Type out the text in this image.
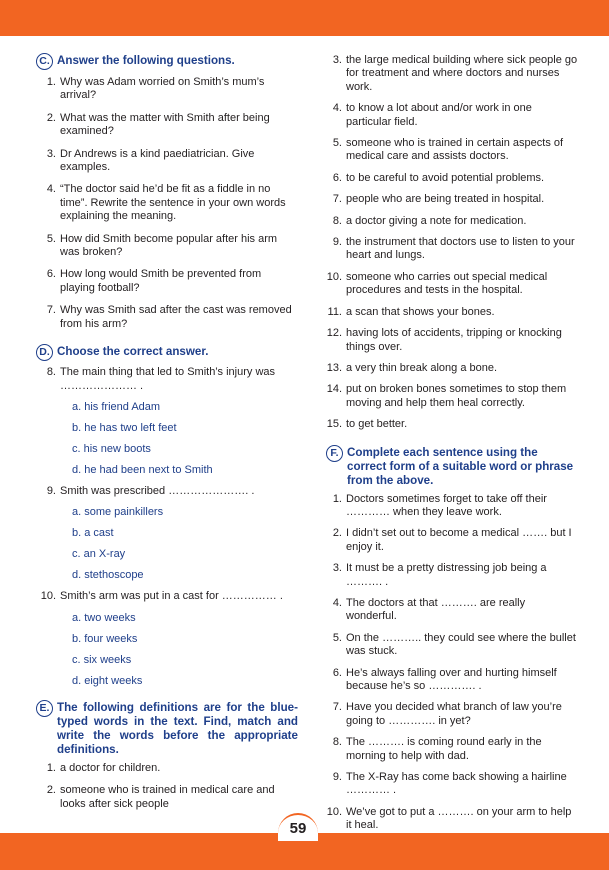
C. Answer the following questions.
1. Why was Adam worried on Smith’s mum’s arrival?
2. What was the matter with Smith after being examined?
3. Dr Andrews is a kind paediatrician. Give examples.
4. “The doctor said he’d be fit as a fiddle in no time”. Rewrite the sentence in your own words explaining the meaning.
5. How did Smith become popular after his arm was broken?
6. How long would Smith be prevented from playing football?
7. Why was Smith sad after the cast was removed from his arm?
D. Choose the correct answer.
8. The main thing that led to Smith’s injury was ………………… .
a. his friend Adam
b. he has two left feet
c. his new boots
d. he had been next to Smith
9. Smith was prescribed …………………. .
a. some painkillers
b. a cast
c. an X-ray
d. stethoscope
10. Smith’s arm was put in a cast for …………… .
a. two weeks
b. four weeks
c. six weeks
d. eight weeks
E. The following definitions are for the blue-typed words in the text. Find, match and write the words before the appropriate definitions.
1. a doctor for children.
2. someone who is trained in medical care and looks after sick people
3. the large medical building where sick people go for treatment and where doctors and nurses work.
4. to know a lot about and/or work in one particular field.
5. someone who is trained in certain aspects of medical care and assists doctors.
6. to be careful to avoid potential problems.
7. people who are being treated in hospital.
8. a doctor giving a note for medication.
9. the instrument that doctors use to listen to your heart and lungs.
10. someone who carries out special medical procedures and tests in the hospital.
11. a scan that shows your bones.
12. having lots of accidents, tripping or knocking things over.
13. a very thin break along a bone.
14. put on broken bones sometimes to stop them moving and help them heal correctly.
15. to get better.
F. Complete each sentence using the correct form of a suitable word or phrase from the above.
1. Doctors sometimes forget to take off their ………… when they leave work.
2. I didn’t set out to become a medical ……. but I enjoy it.
3. It must be a pretty distressing job being a ………. .
4. The doctors at that ………. are really wonderful.
5. On the ……….. they could see where the bullet was stuck.
6. He’s always falling over and hurting himself because he’s so …………. .
7. Have you decided what branch of law you’re going to …………. in yet?
8. The ………. is coming round early in the morning to help with dad.
9. The X-Ray has come back showing a hairline ………… .
10. We’ve got to put a ………. on your arm to help it heal.
59
